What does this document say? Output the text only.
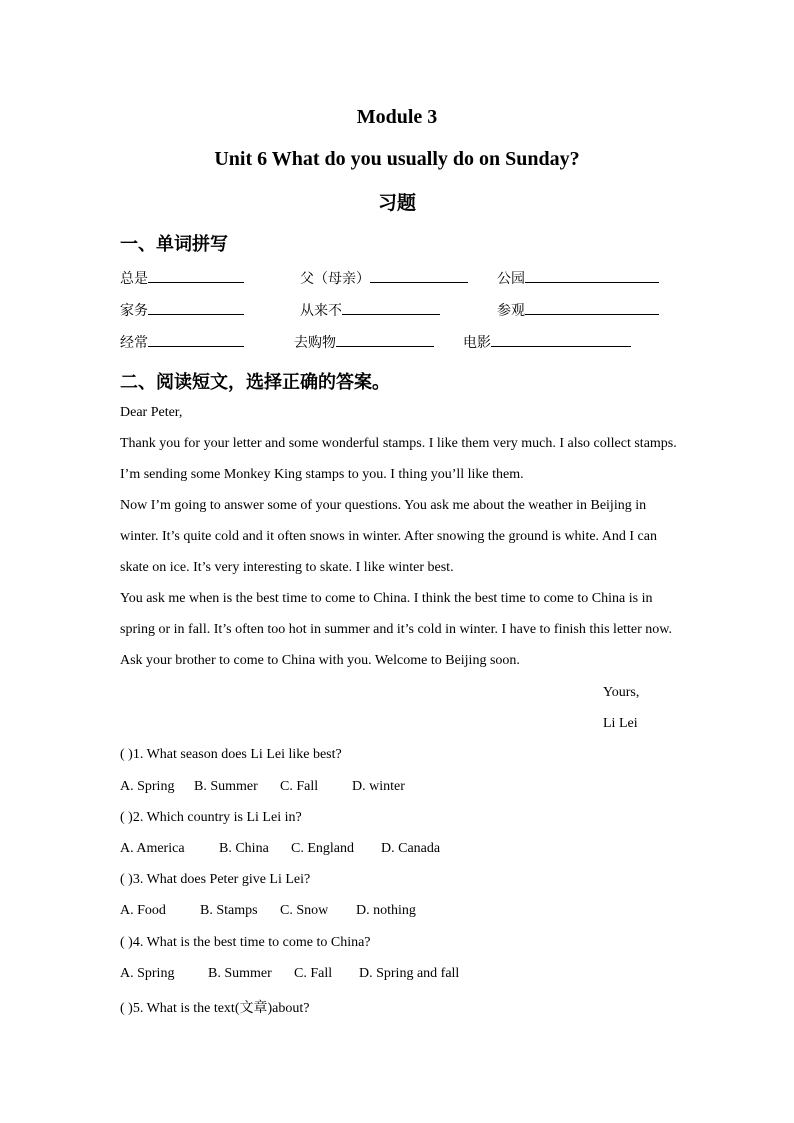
Module 3
Unit 6 What do you usually do on Sunday?
习题
一、单词拼写
总是	父（母亲）	公园
家务	从来不	参观
经常	去购物	电影
二、阅读短文，选择正确的答案。
Dear Peter,
Thank you for your letter and some wonderful stamps. I like them very much. I also collect stamps.
I’m sending some Monkey King stamps to you. I thing you’ll like them.
Now I’m going to answer some of your questions. You ask me about the weather in Beijing in
winter. It’s quite cold and it often snows in winter. After snowing the ground is white. And I can
skate on ice. It’s very interesting to skate. I like winter best.
You ask me when is the best time to come to China. I think the best time to come to China is in
spring or in fall. It’s often too hot in summer and it’s cold in winter. I have to finish this letter now.
Ask your brother to come to China with you. Welcome to Beijing soon.
Yours,
Li Lei
( )1. What season does Li Lei like best?
A. Spring B. Summer C. Fall D. winter
( )2. Which country is Li Lei in?
A. America B. China C. England D. Canada
( )3. What does Peter give Li Lei?
A. Food B. Stamps C. Snow D. nothing
( )4. What is the best time to come to China?
A. Spring B. Summer C. Fall D. Spring and fall
( )5. What is the text(文章)about?
